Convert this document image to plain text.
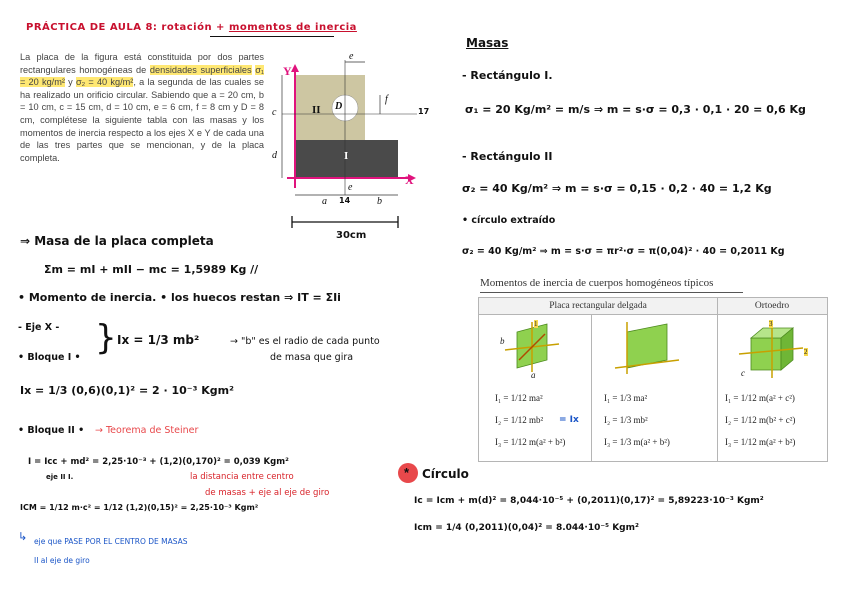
PRÁCTICA DE AULA 8: rotación + momentos de inercia
La placa de la figura está constituida por dos partes rectangulares homogéneas de densidades superficiales σ₁ = 20 kg/m² y σ₂ = 40 kg/m², a la segunda de las cuales se ha realizado un orificio circular. Sabiendo que a = 20 cm, b = 10 cm, c = 15 cm, d = 10 cm, e = 6 cm, f = 8 cm y D = 8 cm, complétese la siguiente tabla con las masas y los momentos de inercia respecto a los ejes X e Y de cada una de las tres partes que se mencionan, y de la placa completa.
Y
X
II
I
D
e
f
c
d
e
a 14	b
17
30cm
Masas
- Rectángulo I.
σ₁ = 20 Kg/m² = m/s ⇒ m = s·σ = 0,3 · 0,1 · 20 = 0,6 Kg
- Rectángulo II
σ₂ = 40 Kg/m² ⇒ m = s·σ = 0,15 · 0,2 · 40 = 1,2 Kg
• círculo extraído
σ₂ = 40 Kg/m² ⇒ m = s·σ = πr²·σ = π(0,04)² · 40 = 0,2011 Kg
⇒ Masa de la placa completa
Σm = mI + mII − mc = 1,5989 Kg //
• Momento de inercia. • los huecos restan ⇒ IT = ΣIi
- Eje X -
• Bloque I • } Ix = 1/3 mb²	→ "b" es el radio de cada punto
de masa que gira
Ix = 1/3 (0,6)(0,1)² = 2 · 10⁻³ Kgm²
• Bloque II • → Teorema de Steiner
I = Icc + md² = 2,25·10⁻³ + (1,2)(0,170)² = 0,039 Kgm²
eje II I.	la distancia entre centro
de masas + eje al eje de giro
ICM = 1/12 m·c² = 1/12 (1,2)(0,15)² = 2,25·10⁻³ Kgm²
↳ eje que PASE POR EL CENTRO DE MASAS
II al eje de giro
Momentos de inercia de cuerpos homogéneos típicos
Placa rectangular delgada	Ortoedro
b
a
1
c
2
3
I₁ = 1/12 ma²
I₂ = 1/12 mb² = Ix
I₃ = 1/12 m(a² + b²)
I₁ = 1/3 ma²
I₂ = 1/3 mb²
I₃ = 1/3 m(a² + b²)
I₁ = 1/12 m(a² + c²)
I₂ = 1/12 m(b² + c²)
I₃ = 1/12 m(a² + b²)
* Círculo
Ic = Icm + m(d)² = 8,044·10⁻⁵ + (0,2011)(0,17)² = 5,89223·10⁻³ Kgm²
Icm = 1/4 (0,2011)(0,04)² = 8.044·10⁻⁵ Kgm²
